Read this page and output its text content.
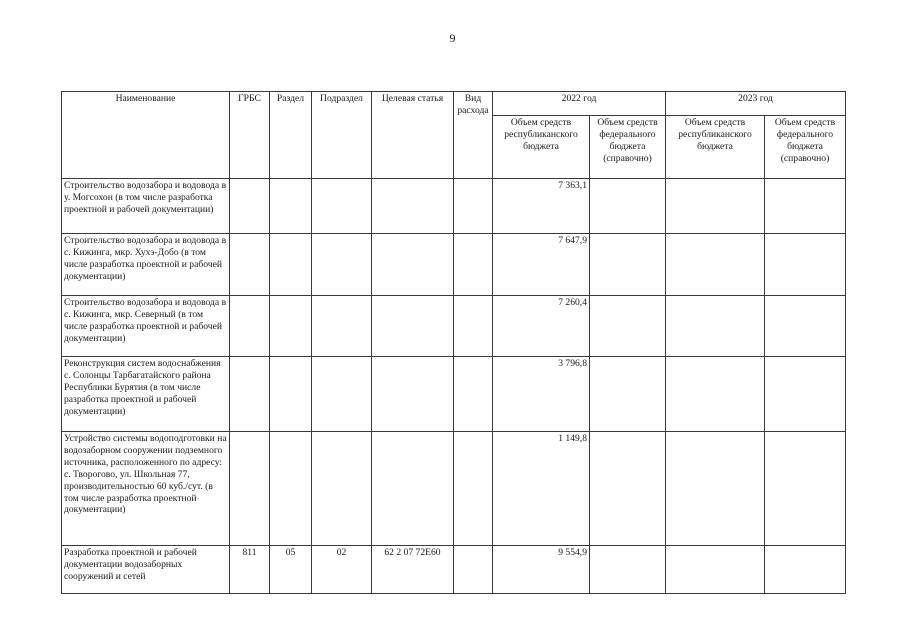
9
Наименование	ГРБС	Раздел	Подраздел	Целевая статья	Вид расхода	2022 год		2023 год	
						Объем средств республиканского бюджета	Объем средств федерального бюджета (справочно)	Объем средств республиканского бюджета	Объем средств федерального бюджета (справочно)
Строительство водозабора и водовода в у. Могсохон (в том числе разработка проектной и рабочей документации)						7 363,1			
Строительство водозабора и водовода в с. Кижинга, мкр. Хухэ-Добо (в том числе разработка проектной и рабочей документации)						7 647,9			
Строительство водозабора и водовода в с. Кижинга, мкр. Северный (в том числе разработка проектной и рабочей документации)						7 260,4			
Реконструкция систем водоснабжения с. Солонцы Тарбагатайского района Республики Бурятия (в том числе разработка проектной и рабочей документации)						3 796,8			
Устройство системы водоподготовки на водозаборном сооружении подземного источника, расположенного по адресу: с. Творогово, ул. Школьная 77, производительностью 60 куб./сут. (в том числе разработка проектной документации)						1 149,8			
Разработка проектной и рабочей документации водозаборных сооружений и сетей	811	05	02	62 2 07 72Е60		9 554,9			
